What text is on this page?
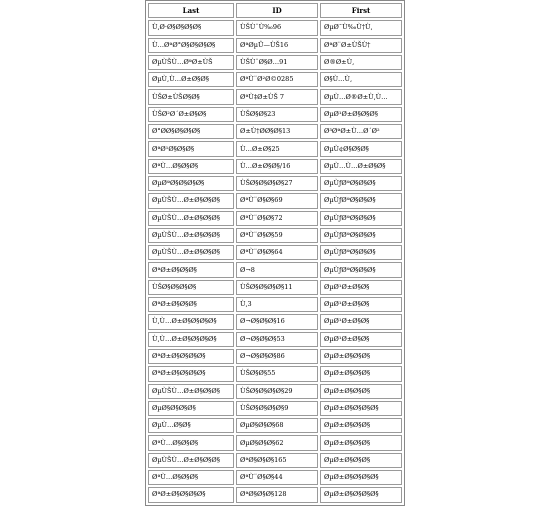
Last	ID	First
Ù‚Ø·Ø§Ø§Ø§Ø§	ÙŠÙ¨Ù‰96	ØµØ¯Ù‰Ù†Ù‚
Ù…ØªØ°Ø§Ø§Ø§Ø§	ØªØµÛ—ÙŠ16	ØªØ¨Ø±ÙŠÙ†
ØµÙŠÙ…ØªØ±ÙŠ	ÙŠÙ¨Ø§Ø…91	Ø®Ø±Ù‚
ØµÙ‚Ù…Ø±Ø§Ø§	ØªÙ¨Ø²Ø©0285	Ø§Ù…Ù‚
ÙŠØ±ÙŠØ§Ø§	ØªÙ‡Ø±ÙŠ 7	ØµÙ…Ø®Ø±Ù‚Ù…
ÙŠØ²Ø´Ø±Ø§Ø§	ÙŠØ§Ø§23	ØµØ¹Ø±Ø§Ø§Ø§
Ø°ØØ§Ø§Ø§Ø§	Ø±Ù†ØØ§Ø§13	Ø³ØªØ±Ù…Ø´Ø²
ØªØ¹Ø§Ø§Ø§	Ù…Ø±Ø§25	ØµÙ¢Ø§Ø§Ø§
ØªÙ…Ø§Ø§Ø§	Ù…Ø±Ø§Ø§/16	ØµÙ…Ù…Ø±Ø§Ø§
ØµØªØ§Ø§Ø§Ø§	ÙŠØ§Ø§Ø§Ø§27	ØµÙƒØªØ§Ø§Ø§
ØµÙŠÙ…Ø±Ø§Ø§Ø§	ØªÙ¨Ø§Ø§69	ØµÙƒØªØ§Ø§Ø§
ØµÙŠÙ…Ø±Ø§Ø§Ø§	ØªÙ¨Ø§Ø§72	ØµÙƒØªØ§Ø§Ø§
ØµÙŠÙ…Ø±Ø§Ø§Ø§	ØªÙ¨Ø§Ø§59	ØµÙƒØªØ§Ø§Ø§
ØµÙŠÙ…Ø±Ø§Ø§Ø§	ØªÙ¨Ø§Ø§64	ØµÙƒØªØ§Ø§Ø§
ØªØ±Ø§Ø§Ø§	Ø¬8	ØµÙƒØªØ§Ø§Ø§
ÙŠØ§Ø§Ø§Ø§	ÙŠØ§Ø§Ø§Ø§11	ØµØ¹Ø±Ø§Ø§
ØªØ±Ø§Ø§Ø§	Ù‚3	ØµØ¹Ø±Ø§Ø§
Ù‚Ù…Ø±Ø§Ø§Ø§Ø§	Ø¬Ø§Ø§Ø§16	ØµØ¹Ø±Ø§Ø§
Ù‚Ù…Ø±Ø§Ø§Ø§Ø§	Ø¬Ø§Ø§Ø§53	ØµØ¹Ø±Ø§Ø§
ØªØ±Ø§Ø§Ø§Ø§	Ø¬Ø§Ø§Ø§86	ØµØ±Ø§Ø§Ø§
ØªØ±Ø§Ø§Ø§Ø§	ÙŠØ§Ø§55	ØµØ±Ø§Ø§Ø§
ØµÙŠÙ…Ø±Ø§Ø§Ø§	ÙŠØ§Ø§Ø§Ø§29	ØµØ±Ø§Ø§Ø§
ØµØ§Ø§Ø§Ø§	ÙŠØ§Ø§Ø§Ø§9	ØµØ±Ø§Ø§Ø§Ø§
ØµÙ…Ø§Ø§	ØµØ§Ø§Ø§68	ØµØ±Ø§Ø§Ø§
ØªÙ…Ø§Ø§Ø§	ØµØ§Ø§Ø§62	ØµØ±Ø§Ø§Ø§
ØµÙŠÙ…Ø±Ø§Ø§Ø§	ØªØ§Ø§Ø§165	ØµØ±Ø§Ø§Ø§
ØªÙ…Ø§Ø§Ø§	ØªÙ¨Ø§Ø§44	ØµØ±Ø§Ø§Ø§Ø§
ØªØ±Ø§Ø§Ø§Ø§	ØªØ§Ø§Ø§128	ØµØ±Ø§Ø§Ø§Ø§
